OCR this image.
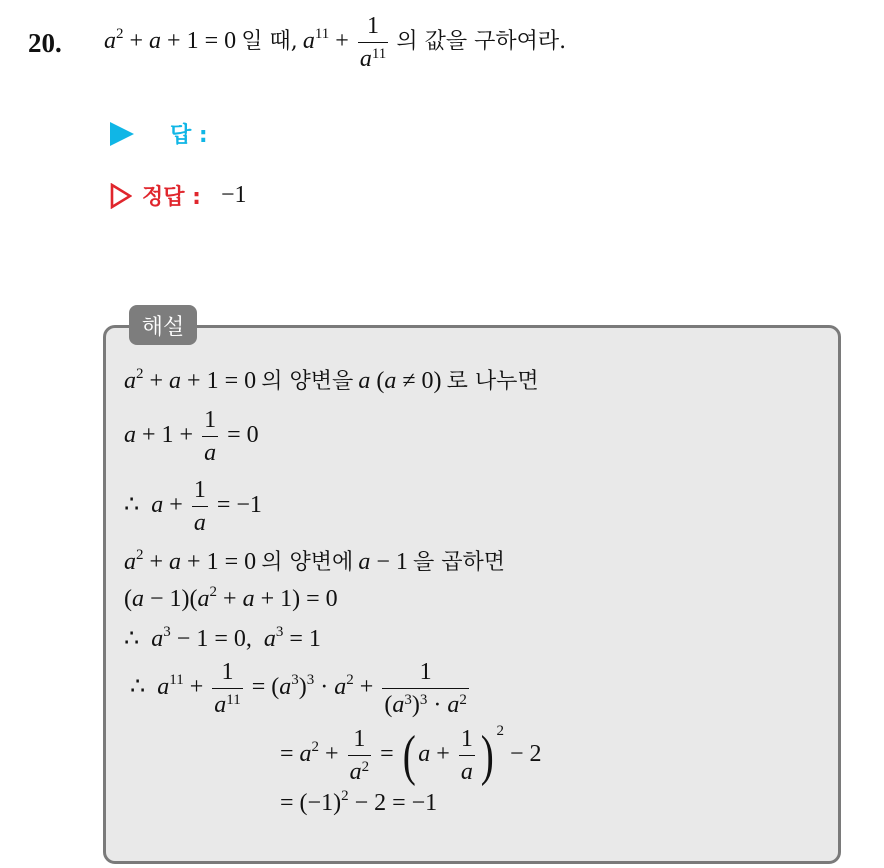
20. $a^2 + a + 1 = 0$ 일 때, $a^{11} + \frac{1}{a^{11}}$ 의 값을 구하여라.
답 :
정답 : −1
해설
$a^2 + a + 1 = 0$ 의 양변을 a (a ≠ 0) 로 나누면
$a + 1 + \frac{1}{a} = 0$
∴ $a + \frac{1}{a} = -1$
$a^2 + a + 1 = 0$ 의 양변에 a − 1 을 곱하면
$(a - 1)(a^2 + a + 1) = 0$
∴  $a^3 - 1 = 0$,  $a^3 = 1$
∴  $a^{11} + \frac{1}{a^{11}} = (a^3)^3 \cdot a^2 + \frac{1}{(a^3)^3 \cdot a^2}$
= $a^2 + \frac{1}{a^2}$ = ( $a + \frac{1}{a}$ ) $^2$ − 2
= $(-1)^2 - 2 = -1$
